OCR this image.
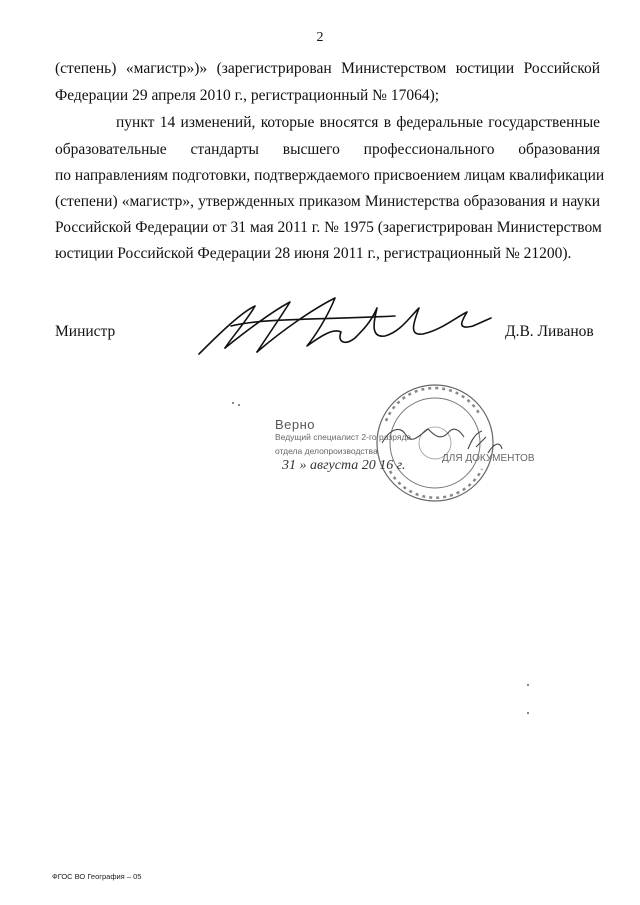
2
(степень) «магистр»)» (зарегистрирован Министерством юстиции Российской
Федерации 29 апреля 2010 г., регистрационный № 17064);
пункт 14 изменений, которые вносятся в федеральные государственные
образовательные стандарты высшего профессионального образования
по направлениям подготовки, подтверждаемого присвоением лицам квалификации
(степени) «магистр», утвержденных приказом Министерства образования и науки
Российской Федерации от 31 мая 2011 г. № 1975 (зарегистрирован Министерством
юстиции Российской Федерации 28 июня 2011 г., регистрационный № 21200).
Министр	Д.В. Ливанов
ДЛЯ ДОКУМЕНТОВ
Верно
Ведущий специалист 2-го разряда
отдела делопроизводства
31 » августа 20 16 г.
ФГОС ВО География – 05
